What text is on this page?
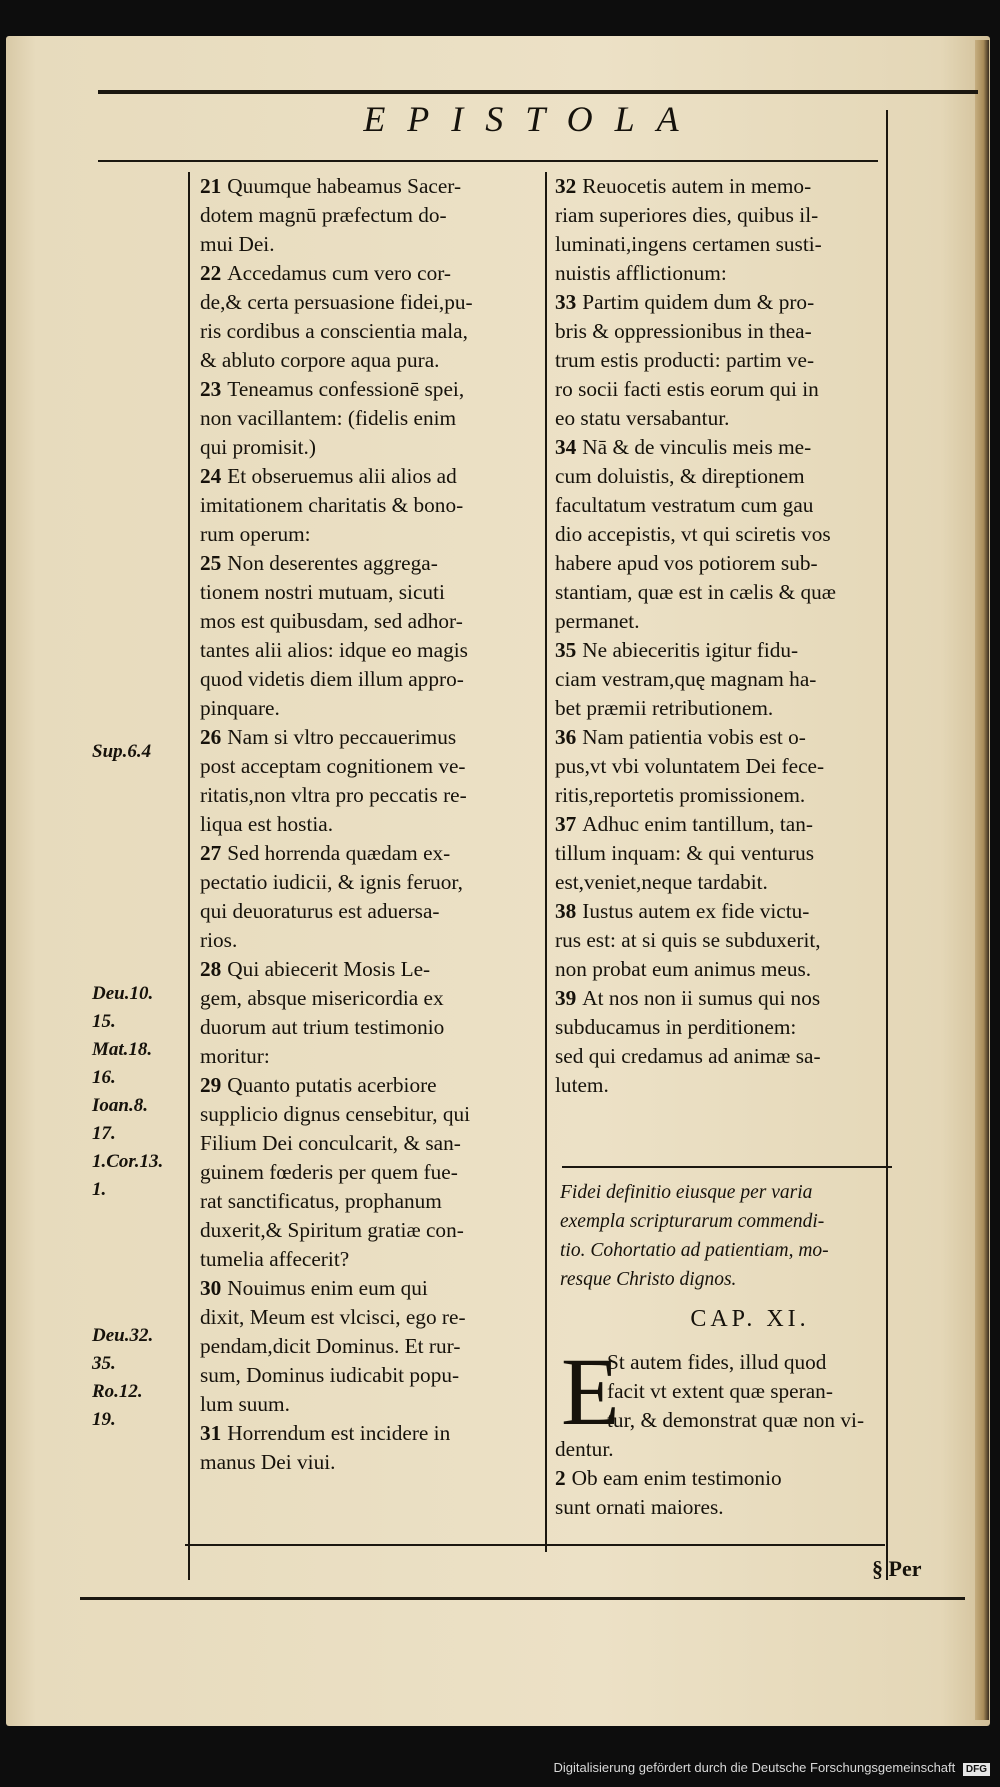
EPISTOLA
21 Quumque habeamus Sacer-
dotem magnū præfectum do-
mui Dei.
22 Accedamus cum vero cor-
de,& certa persuasione fidei,pu-
ris cordibus a conscientia mala,
& abluto corpore aqua pura.
23 Teneamus confessionē spei,
non vacillantem: (fidelis enim
qui promisit.)
24 Et obseruemus alii alios ad
imitationem charitatis & bono-
rum operum:
25 Non deserentes aggrega-
tionem nostri mutuam, sicuti
mos est quibusdam, sed adhor-
tantes alii alios: idque eo magis
quod videtis diem illum appro-
pinquare.
26 Nam si vltro peccauerimus
post acceptam cognitionem ve-
ritatis,non vltra pro peccatis re-
liqua est hostia.
27 Sed horrenda quædam ex-
pectatio iudicii, & ignis feruor,
qui deuoraturus est aduersa-
rios.
28 Qui abiecerit Mosis Le-
gem, absque misericordia ex
duorum aut trium testimonio
moritur:
29 Quanto putatis acerbiore
supplicio dignus censebitur, qui
Filium Dei conculcarit, & san-
guinem fœderis per quem fue-
rat sanctificatus, prophanum
duxerit,& Spiritum gratiæ con-
tumelia affecerit?
30 Nouimus enim eum qui
dixit, Meum est vlcisci, ego re-
pendam,dicit Dominus. Et rur-
sum, Dominus iudicabit popu-
lum suum.
31 Horrendum est incidere in
manus Dei viui.
32 Reuocetis autem in memo-
riam superiores dies, quibus il-
luminati,ingens certamen susti-
nuistis afflictionum:
33 Partim quidem dum & pro-
bris & oppressionibus in thea-
trum estis producti: partim ve-
ro socii facti estis eorum qui in
eo statu versabantur.
34 Nā & de vinculis meis me-
cum doluistis, & direptionem
facultatum vestratum cum gau
dio accepistis, vt qui sciretis vos
habere apud vos potiorem sub-
stantiam, quæ est in cælis & quæ
permanet.
35 Ne abieceritis igitur fidu-
ciam vestram,quę magnam ha-
bet præmii retributionem.
36 Nam patientia vobis est o-
pus,vt vbi voluntatem Dei fece-
ritis,reportetis promissionem.
37 Adhuc enim tantillum, tan-
tillum inquam: & qui venturus
est,veniet,neque tardabit.
38 Iustus autem ex fide victu-
rus est: at si quis se subduxerit,
non probat eum animus meus.
39 At nos non ii sumus qui nos
subducamus in perditionem:
sed qui credamus ad animæ sa-
lutem.
Sup.6.4
Deu.10.
15.
Mat.18.
16.
Ioan.8.
17.
1.Cor.13.
1.
Deu.32.
35.
Ro.12.
19.
Fidei definitio eiusque per varia
exempla scripturarum commendi-
tio. Cohortatio ad patientiam, mo-
resque Christo dignos.
CAP. XI.
E
St autem fides, illud quod
facit vt extent quæ speran-
tur, & demonstrat quæ non vi-
dentur.
2 Ob eam enim testimonio
sunt ornati maiores.
§ Per
Digitalisierung gefördert durch die Deutsche Forschungsgemeinschaft DFG
